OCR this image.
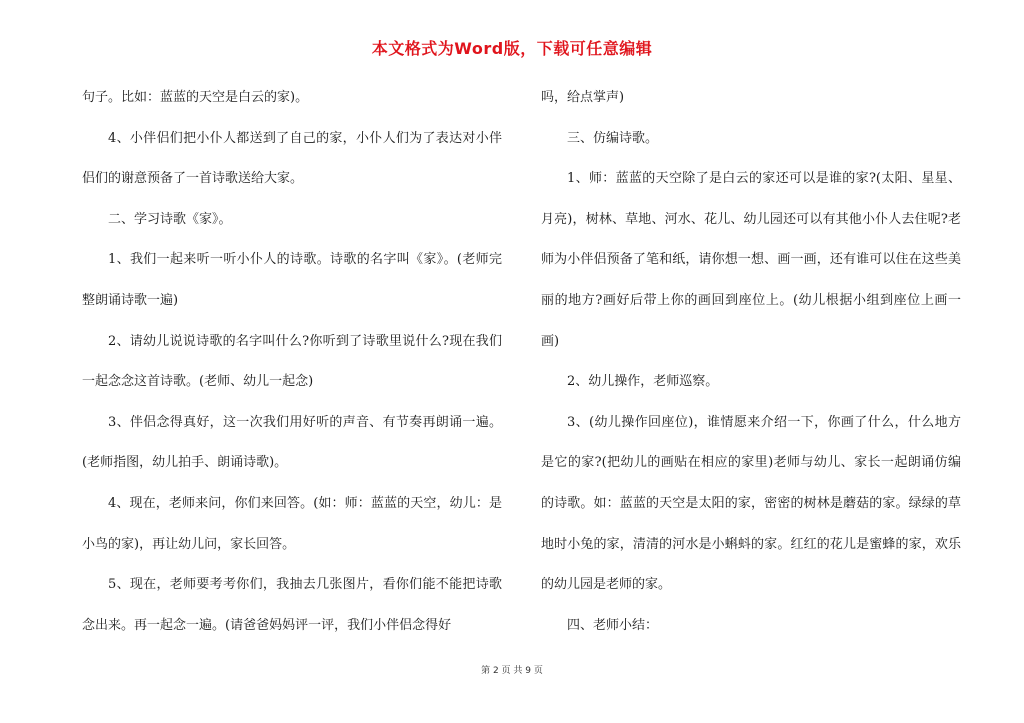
本文格式为Word版，下载可任意编辑

句子。比如：蓝蓝的天空是白云的家)。

4、小伴侣们把小仆人都送到了自己的家，小仆人们为了表达对小伴侣们的谢意预备了一首诗歌送给大家。

二、学习诗歌《家》。

1、我们一起来听一听小仆人的诗歌。诗歌的名字叫《家》。(老师完整朗诵诗歌一遍)

2、请幼儿说说诗歌的名字叫什么?你听到了诗歌里说什么?现在我们一起念念这首诗歌。(老师、幼儿一起念)

3、伴侣念得真好，这一次我们用好听的声音、有节奏再朗诵一遍。(老师指图，幼儿拍手、朗诵诗歌)。

4、现在，老师来问，你们来回答。(如：师：蓝蓝的天空，幼儿：是小鸟的家)，再让幼儿问，家长回答。

5、现在，老师要考考你们，我抽去几张图片，看你们能不能把诗歌念出来。再一起念一遍。(请爸爸妈妈评一评，我们小伴侣念得好

吗，给点掌声)

三、仿编诗歌。

1、师：蓝蓝的天空除了是白云的家还可以是谁的家?(太阳、星星、月亮)，树林、草地、河水、花儿、幼儿园还可以有其他小仆人去住呢?老师为小伴侣预备了笔和纸，请你想一想、画一画，还有谁可以住在这些美丽的地方?画好后带上你的画回到座位上。(幼儿根据小组到座位上画一画)

2、幼儿操作，老师巡察。

3、(幼儿操作回座位)，谁情愿来介绍一下，你画了什么，什么地方是它的家?(把幼儿的画贴在相应的家里)老师与幼儿、家长一起朗诵仿编的诗歌。如：蓝蓝的天空是太阳的家，密密的树林是蘑菇的家。绿绿的草地时小兔的家，清清的河水是小蝌蚪的家。红红的花儿是蜜蜂的家，欢乐的幼儿园是老师的家。

四、老师小结：

第 2 页 共 9 页
